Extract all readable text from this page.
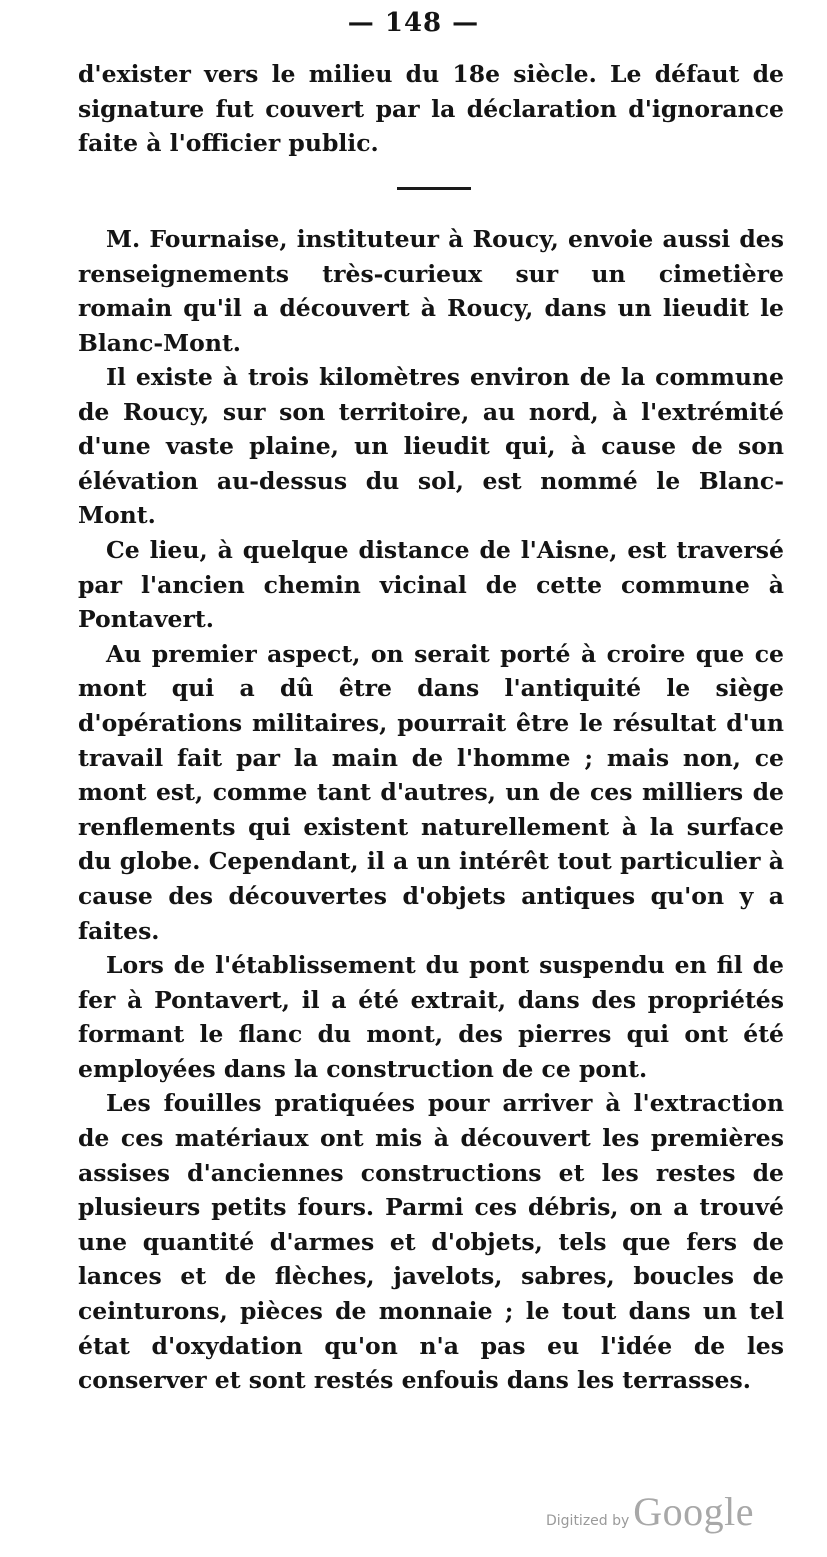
— 148 —

d'exister vers le milieu du 18e siècle. Le défaut de signature fut couvert par la déclaration d'ignorance faite à l'officier public.

M. Fournaise, instituteur à Roucy, envoie aussi des renseignements très-curieux sur un cimetière romain qu'il a découvert à Roucy, dans un lieudit le Blanc-Mont.

Il existe à trois kilomètres environ de la commune de Roucy, sur son territoire, au nord, à l'extrémité d'une vaste plaine, un lieudit qui, à cause de son élévation au-dessus du sol, est nommé le Blanc-Mont.

Ce lieu, à quelque distance de l'Aisne, est traversé par l'ancien chemin vicinal de cette commune à Pontavert.

Au premier aspect, on serait porté à croire que ce mont qui a dû être dans l'antiquité le siège d'opérations militaires, pourrait être le résultat d'un travail fait par la main de l'homme ; mais non, ce mont est, comme tant d'autres, un de ces milliers de renflements qui existent naturellement à la surface du globe. Cependant, il a un intérêt tout particulier à cause des découvertes d'objets antiques qu'on y a faites.

Lors de l'établissement du pont suspendu en fil de fer à Pontavert, il a été extrait, dans des propriétés formant le flanc du mont, des pierres qui ont été employées dans la construction de ce pont.

Les fouilles pratiquées pour arriver à l'extraction de ces matériaux ont mis à découvert les premières assises d'anciennes constructions et les restes de plusieurs petits fours. Parmi ces débris, on a trouvé une quantité d'armes et d'objets, tels que fers de lances et de flèches, javelots, sabres, boucles de ceinturons, pièces de monnaie ; le tout dans un tel état d'oxydation qu'on n'a pas eu l'idée de les conserver et sont restés enfouis dans les terrasses.

Digitized by Google
